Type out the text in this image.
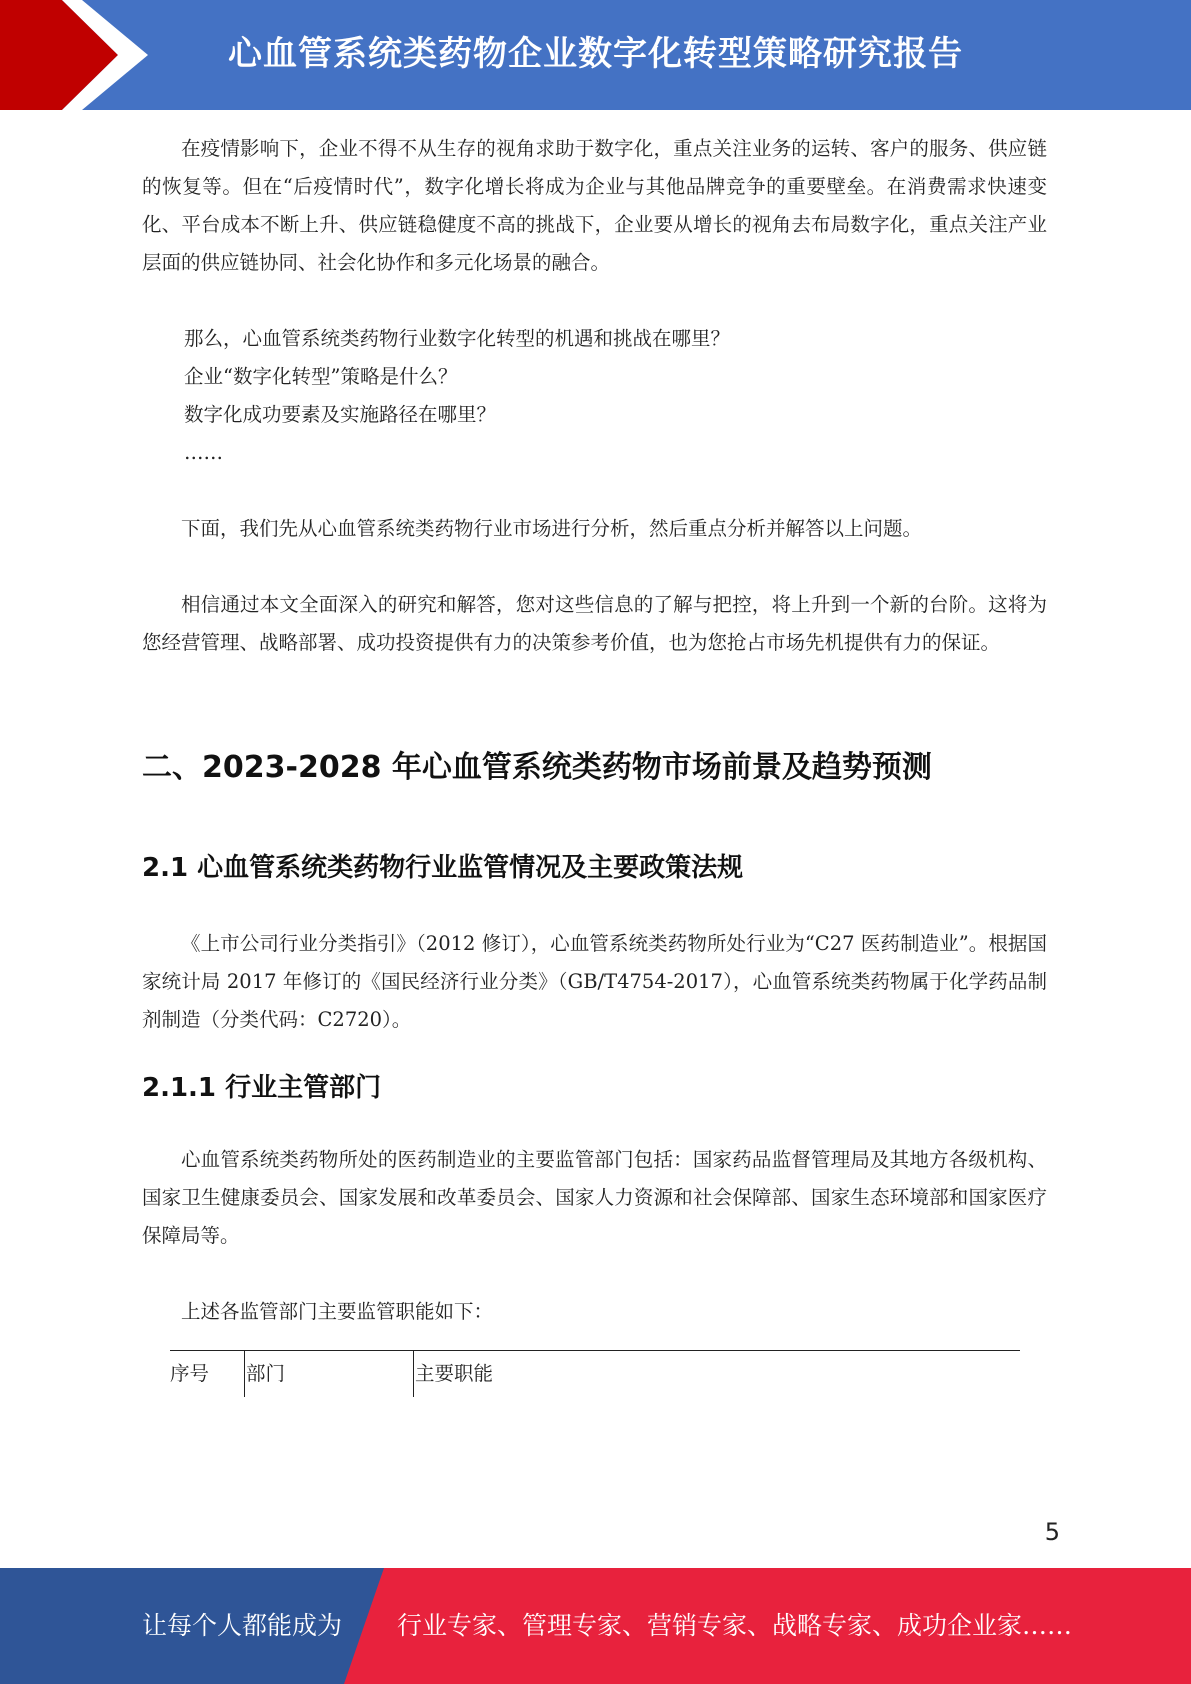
心血管系统类药物企业数字化转型策略研究报告

在疫情影响下，企业不得不从生存的视角求助于数字化，重点关注业务的运转、客户的服务、供应链的恢复等。但在“后疫情时代”，数字化增长将成为企业与其他品牌竞争的重要壁垒。在消费需求快速变化、平台成本不断上升、供应链稳健度不高的挑战下，企业要从增长的视角去布局数字化，重点关注产业层面的供应链协同、社会化协作和多元化场景的融合。

那么，心血管系统类药物行业数字化转型的机遇和挑战在哪里？

企业“数字化转型”策略是什么？

数字化成功要素及实施路径在哪里？

……

下面，我们先从心血管系统类药物行业市场进行分析，然后重点分析并解答以上问题。

相信通过本文全面深入的研究和解答，您对这些信息的了解与把控，将上升到一个新的台阶。这将为您经营管理、战略部署、成功投资提供有力的决策参考价值，也为您抢占市场先机提供有力的保证。

二、2023-2028 年心血管系统类药物市场前景及趋势预测
2.1 心血管系统类药物行业监管情况及主要政策法规

《上市公司行业分类指引》（2012 修订），心血管系统类药物所处行业为“C27 医药制造业”。根据国家统计局 2017 年修订的《国民经济行业分类》（GB/T4754-2017），心血管系统类药物属于化学药品制剂制造（分类代码：C2720）。

2.1.1 行业主管部门

心血管系统类药物所处的医药制造业的主要监管部门包括：国家药品监督管理局及其地方各级机构、国家卫生健康委员会、国家发展和改革委员会、国家人力资源和社会保障部、国家生态环境部和国家医疗保障局等。

上述各监管部门主要监管职能如下：

序号 部门	主要职能
5
让每个人都能成为 行业专家、管理专家、营销专家、战略专家、成功企业家……
